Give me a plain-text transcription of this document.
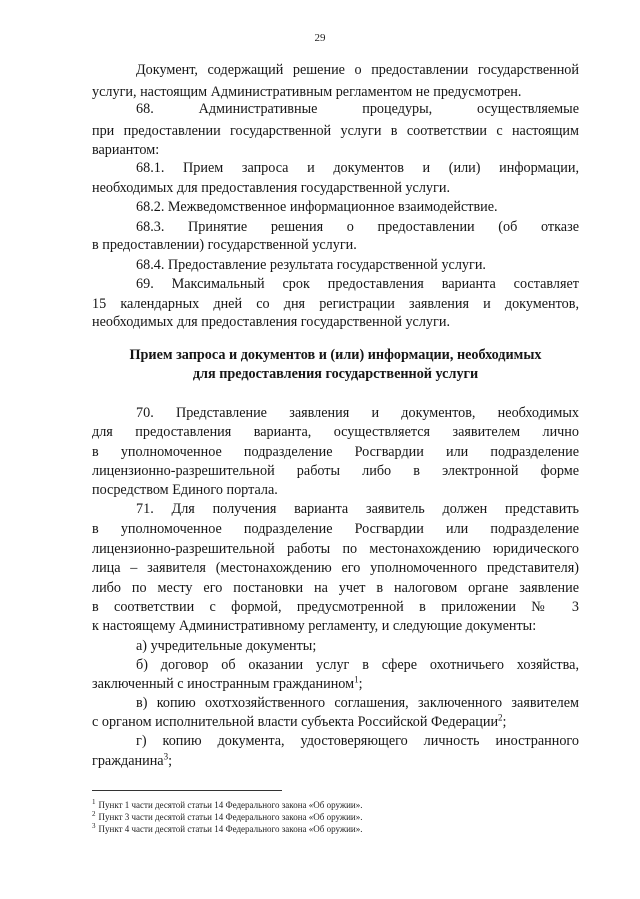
29
Документ, содержащий решение о предоставлении государственной
услуги, настоящим Административным регламентом не предусмотрен.
68. Административные процедуры, осуществляемые
при предоставлении государственной услуги в соответствии с настоящим
вариантом:
68.1. Прием запроса и документов и (или) информации,
необходимых для предоставления государственной услуги.
68.2. Межведомственное информационное взаимодействие.
68.3. Принятие решения о предоставлении (об отказе
в предоставлении) государственной услуги.
68.4. Предоставление результата государственной услуги.
69. Максимальный срок предоставления варианта составляет
15 календарных дней со дня регистрации заявления и документов,
необходимых для предоставления государственной услуги.
Прием запроса и документов и (или) информации, необходимых
для предоставления государственной услуги
70. Представление заявления и документов, необходимых
для предоставления варианта, осуществляется заявителем лично
в уполномоченное подразделение Росгвардии или подразделение
лицензионно-разрешительной работы либо в электронной форме
посредством Единого портала.
71. Для получения варианта заявитель должен представить
в уполномоченное подразделение Росгвардии или подразделение
лицензионно-разрешительной работы по местонахождению юридического
лица – заявителя (местонахождению его уполномоченного представителя)
либо по месту его постановки на учет в налоговом органе заявление
в соответствии с формой, предусмотренной в приложении № 3
к настоящему Административному регламенту, и следующие документы:
а) учредительные документы;
б) договор об оказании услуг в сфере охотничьего хозяйства,
заключенный с иностранным гражданином$^1$;
в) копию охотхозяйственного соглашения, заключенного заявителем
с органом исполнительной власти субъекта Российской Федерации$^2$;
г) копию документа, удостоверяющего личность иностранного
гражданина$^3$;
$^1$ Пункт 1 части десятой статьи 14 Федерального закона «Об оружии».
$^2$ Пункт 3 части десятой статьи 14 Федерального закона «Об оружии».
$^3$ Пункт 4 части десятой статьи 14 Федерального закона «Об оружии».
